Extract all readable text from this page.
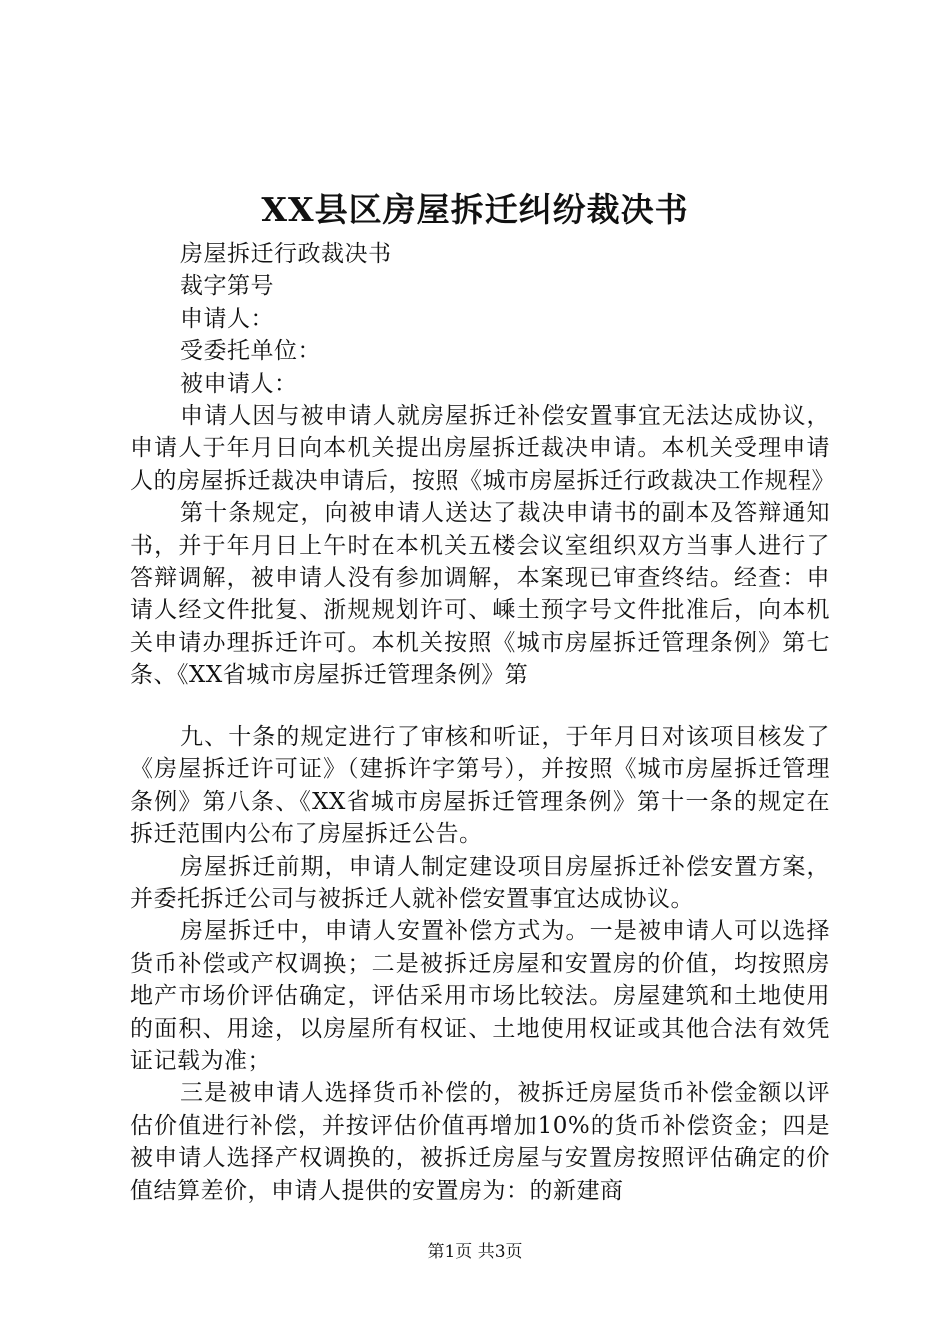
XX县区房屋拆迁纠纷裁决书
房屋拆迁行政裁决书
裁字第号
申请人：
受委托单位：
被申请人：

申请人因与被申请人就房屋拆迁补偿安置事宜无法达成协议，申请人于年月日向本机关提出房屋拆迁裁决申请。本机关受理申请人的房屋拆迁裁决申请后，按照《城市房屋拆迁行政裁决工作规程》

第十条规定，向被申请人送达了裁决申请书的副本及答辩通知书，并于年月日上午时在本机关五楼会议室组织双方当事人进行了答辩调解，被申请人没有参加调解，本案现已审查终结。经查：申请人经文件批复、浙规规划许可、嵊土预字号文件批准后，向本机关申请办理拆迁许可。本机关按照《城市房屋拆迁管理条例》第七条、《XX省城市房屋拆迁管理条例》第

九、十条的规定进行了审核和听证，于年月日对该项目核发了《房屋拆迁许可证》（建拆许字第号），并按照《城市房屋拆迁管理条例》第八条、《XX省城市房屋拆迁管理条例》第十一条的规定在拆迁范围内公布了房屋拆迁公告。

房屋拆迁前期，申请人制定建设项目房屋拆迁补偿安置方案，并委托拆迁公司与被拆迁人就补偿安置事宜达成协议。

房屋拆迁中，申请人安置补偿方式为。一是被申请人可以选择货币补偿或产权调换；二是被拆迁房屋和安置房的价值，均按照房地产市场价评估确定，评估采用市场比较法。房屋建筑和土地使用的面积、用途，以房屋所有权证、土地使用权证或其他合法有效凭证记载为准；

三是被申请人选择货币补偿的，被拆迁房屋货币补偿金额以评估价值进行补偿，并按评估价值再增加10%的货币补偿资金；四是被申请人选择产权调换的，被拆迁房屋与安置房按照评估确定的价值结算差价，申请人提供的安置房为：的新建商

第1页 共3页
